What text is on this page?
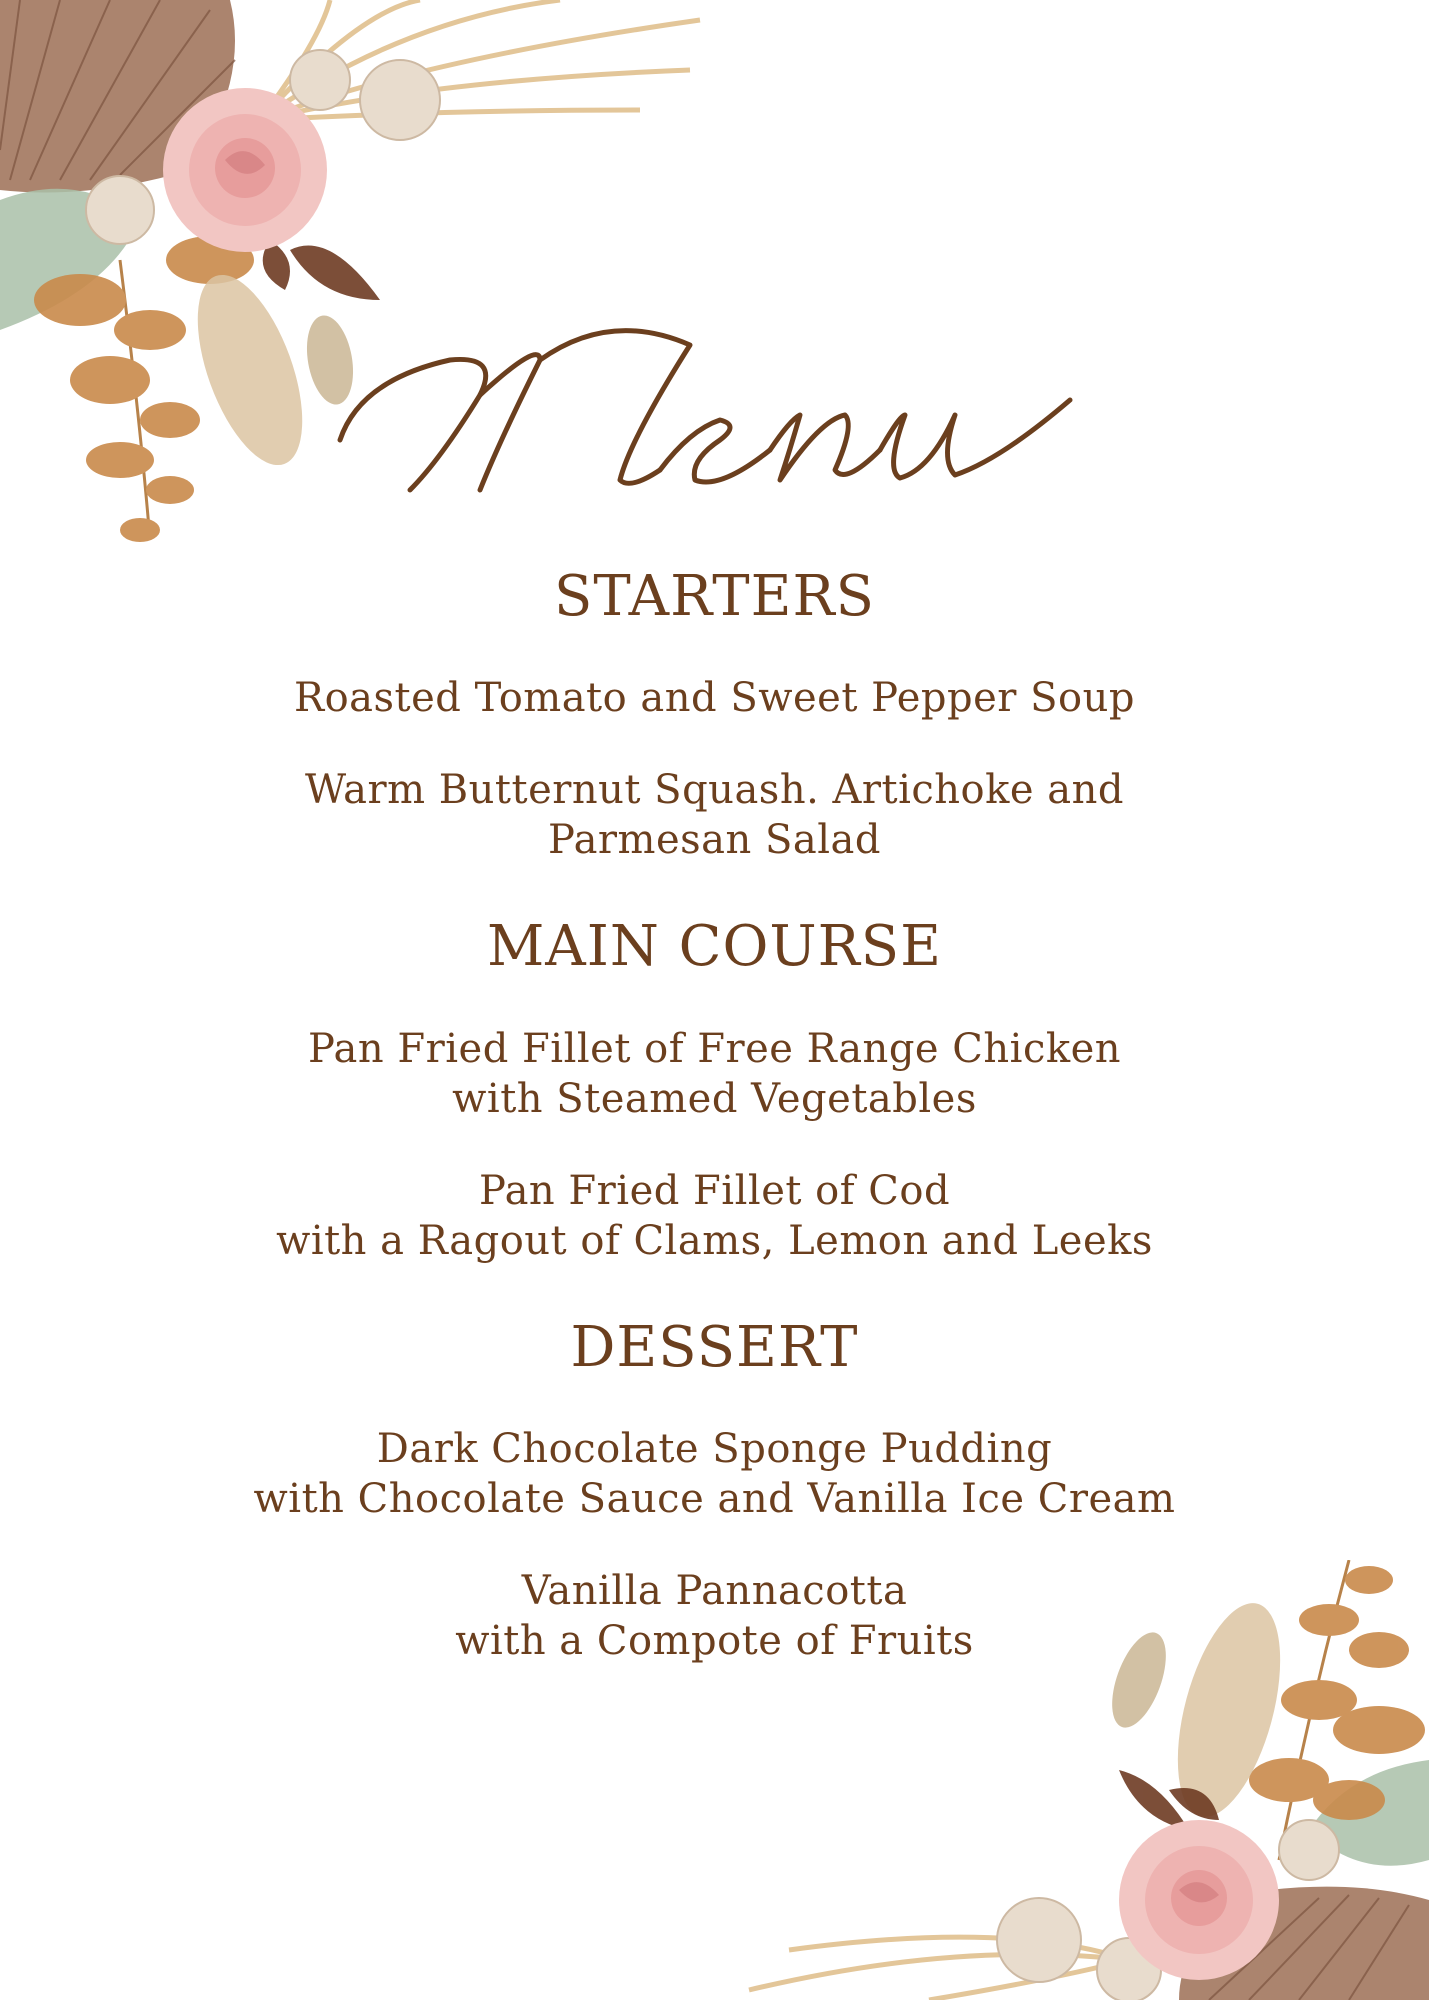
STARTERS

Roasted Tomato and Sweet Pepper Soup

Warm Butternut Squash. Artichoke and
Parmesan Salad

MAIN COURSE

Pan Fried Fillet of Free Range Chicken
with Steamed Vegetables

Pan Fried Fillet of Cod
with a Ragout of Clams, Lemon and Leeks

DESSERT

Dark Chocolate Sponge Pudding
with Chocolate Sauce and Vanilla Ice Cream

Vanilla Pannacotta
with a Compote of Fruits
